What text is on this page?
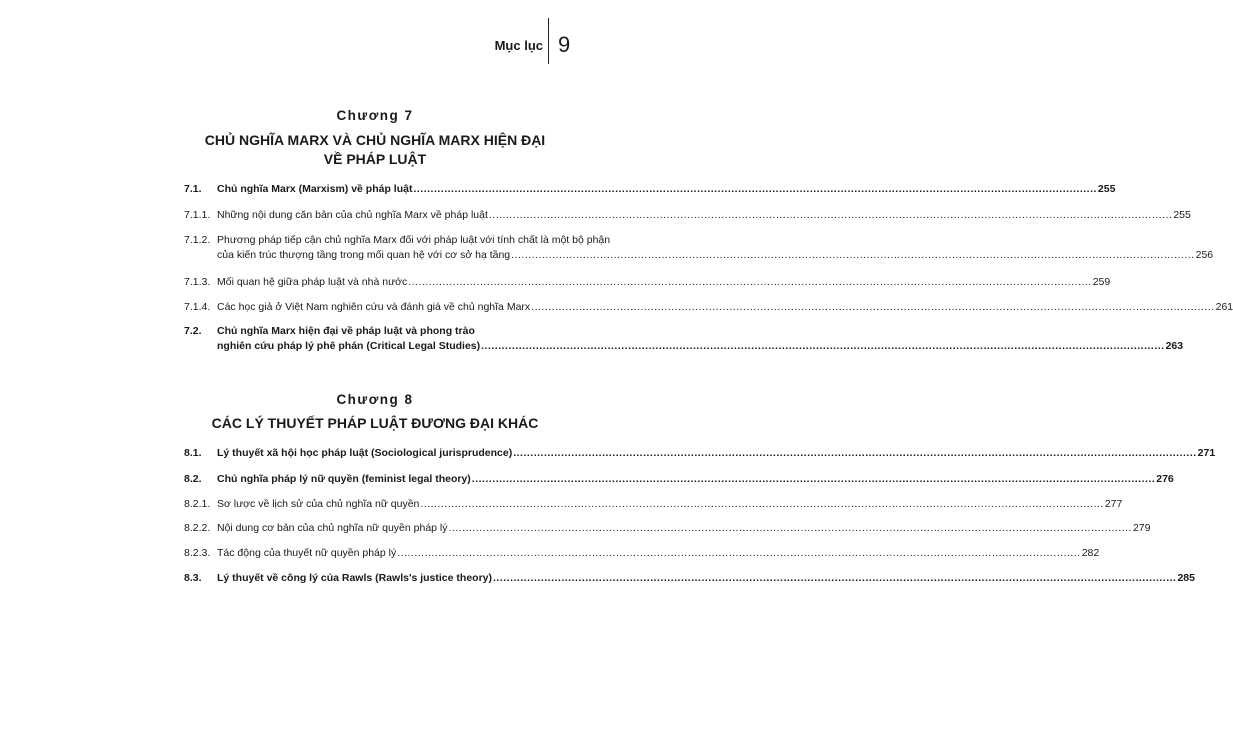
Mục lục 9
Chương 7
CHỦ NGHĨA MARX VÀ CHỦ NGHĨA MARX HIỆN ĐẠI
VỀ PHÁP LUẬT
7.1.	Chủ nghĩa Marx (Marxism) về pháp luật ........................................................................................................................................................................................................ 255
7.1.1. Những nội dung căn bản của chủ nghĩa Marx về pháp luật ........................................................................................................................................................................................................ 255
7.1.2. Phương pháp tiếp cận chủ nghĩa Marx đối với pháp luật với tính chất là một bộ phận
của kiến trúc thượng tầng trong mối quan hệ với cơ sở hạ tầng ........................................................................................................................................................................................................ 256
7.1.3. Mối quan hệ giữa pháp luật và nhà nước ........................................................................................................................................................................................................ 259
7.1.4. Các học giả ở Việt Nam nghiên cứu và đánh giá về chủ nghĩa Marx ........................................................................................................................................................................................................ 261
7.2.	Chủ nghĩa Marx hiện đại về pháp luật và phong trào
nghiên cứu pháp lý phê phán (Critical Legal Studies) ........................................................................................................................................................................................................ 263
Chương 8
CÁC LÝ THUYẾT PHÁP LUẬT ĐƯƠNG ĐẠI KHÁC
8.1.	Lý thuyết xã hội học pháp luật (Sociological jurisprudence) ........................................................................................................................................................................................................ 271
8.2.	Chủ nghĩa pháp lý nữ quyền (feminist legal theory) ........................................................................................................................................................................................................ 276
8.2.1. Sơ lược về lịch sử của chủ nghĩa nữ quyền ........................................................................................................................................................................................................ 277
8.2.2. Nội dung cơ bản của chủ nghĩa nữ quyền pháp lý ........................................................................................................................................................................................................ 279
8.2.3. Tác động của thuyết nữ quyền pháp lý ........................................................................................................................................................................................................ 282
8.3.	Lý thuyết về công lý của Rawls (Rawls's justice theory) ........................................................................................................................................................................................................ 285
